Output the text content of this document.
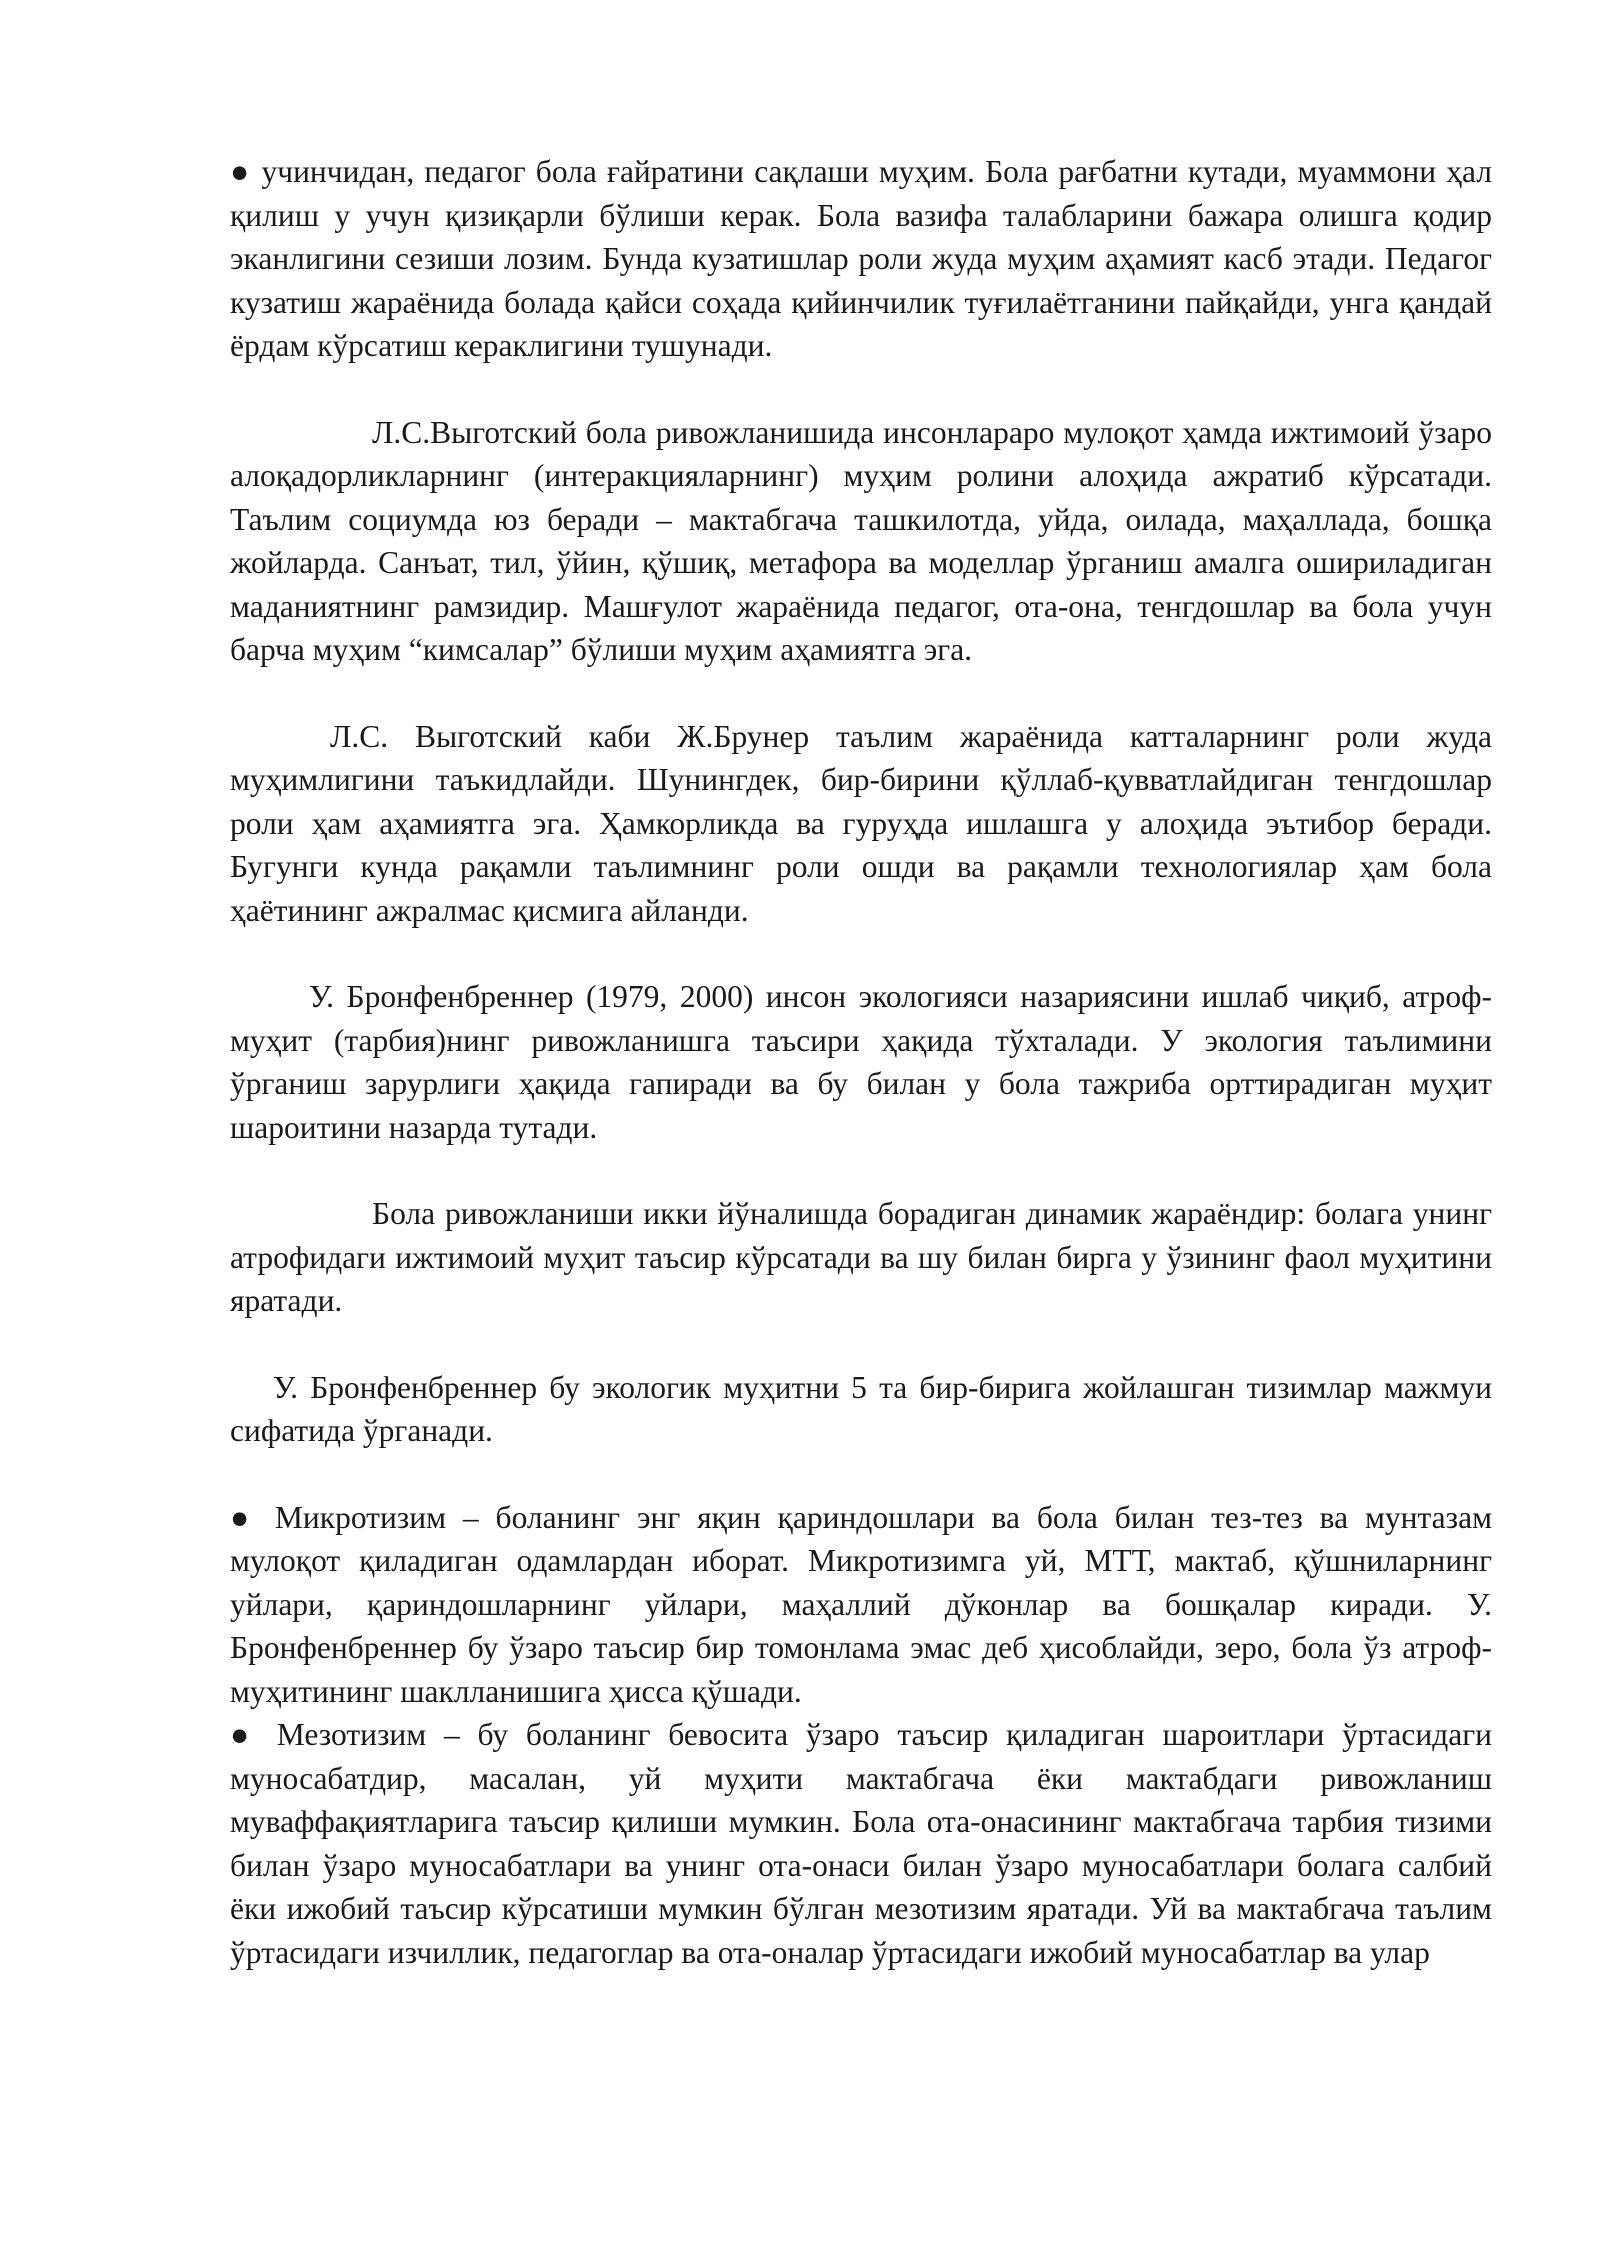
● учинчидан, педагог бола ғайратини сақлаши муҳим. Бола рағбатни кутади, муаммони ҳал қилиш у учун қизиқарли бўлиши керак. Бола вазифа талабларини бажара олишга қодир эканлигини сезиши лозим. Бунда кузатишлар роли жуда муҳим аҳамият касб этади. Педагог кузатиш жараёнида болада қайси соҳада қийинчилик туғилаётганини пайқайди, унга қандай ёрдам кўрсатиш кераклигини тушунади.

Л.С.Выготский бола ривожланишида инсонлараро мулоқот ҳамда ижтимоий ўзаро алоқадорликларнинг (интеракцияларнинг) муҳим ролини алоҳида ажратиб кўрсатади. Таълим социумда юз беради – мактабгача ташкилотда, уйда, оилада, маҳаллада, бошқа жойларда. Санъат, тил, ўйин, қўшиқ, метафора ва моделлар ўрганиш амалга ошириладиган маданиятнинг рамзидир. Машғулот жараёнида педагог, ота-она, тенгдошлар ва бола учун барча муҳим “кимсалар” бўлиши муҳим аҳамиятга эга.

Л.С. Выготский каби Ж.Брунер таълим жараёнида катталарнинг роли жуда муҳимлигини таъкидлайди. Шунингдек, бир-бирини қўллаб-қувватлайдиган тенгдошлар роли ҳам аҳамиятга эга. Ҳамкорликда ва гуруҳда ишлашга у алоҳида эътибор беради. Бугунги кунда рақамли таълимнинг роли ошди ва рақамли технологиялар ҳам бола ҳаётининг ажралмас қисмига айланди.

У. Бронфенбреннер (1979, 2000) инсон экологияси назариясини ишлаб чиқиб, атроф-муҳит (тарбия)нинг ривожланишга таъсири ҳақида тўхталади. У экология таълимини ўрганиш зарурлиги ҳақида гапиради ва бу билан у бола тажриба орттирадиган муҳит шароитини назарда тутади.

Бола ривожланиши икки йўналишда борадиган динамик жараёндир: болага унинг атрофидаги ижтимоий муҳит таъсир кўрсатади ва шу билан бирга у ўзининг фаол муҳитини яратади.

У. Бронфенбреннер бу экологик муҳитни 5 та бир-бирига жойлашган тизимлар мажмуи сифатида ўрганади.

● Микротизим – боланинг энг яқин қариндошлари ва бола билан тез-тез ва мунтазам мулоқот қиладиган одамлардан иборат. Микротизимга уй, МТТ, мактаб, қўшниларнинг уйлари, қариндошларнинг уйлари, маҳаллий дўконлар ва бошқалар киради. У. Бронфенбреннер бу ўзаро таъсир бир томонлама эмас деб ҳисоблайди, зеро, бола ўз атроф-муҳитининг шаклланишига ҳисса қўшади.

● Мезотизим – бу боланинг бевосита ўзаро таъсир қиладиган шароитлари ўртасидаги муносабатдир, масалан, уй муҳити мактабгача ёки мактабдаги ривожланиш муваффақиятларига таъсир қилиши мумкин. Бола ота-онасининг мактабгача тарбия тизими билан ўзаро муносабатлари ва унинг ота-онаси билан ўзаро муносабатлари болага салбий ёки ижобий таъсир кўрсатиши мумкин бўлган мезотизим яратади. Уй ва мактабгача таълим ўртасидаги изчиллик, педагоглар ва ота-оналар ўртасидаги ижобий муносабатлар ва улар
